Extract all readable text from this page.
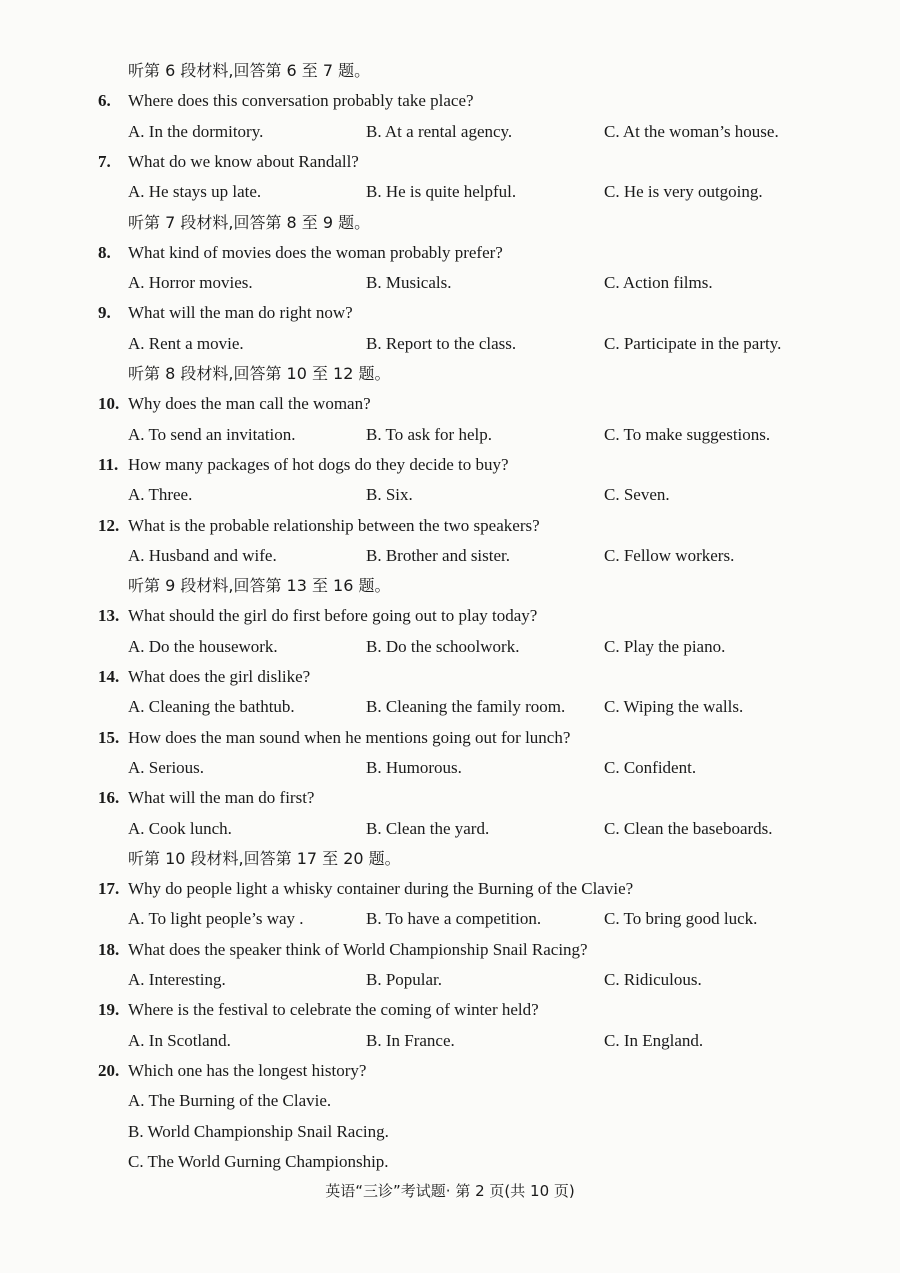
听第 6 段材料,回答第 6 至 7 题。
6. Where does this conversation probably take place?
A. In the dormitory.	B. At a rental agency.	C. At the woman’s house.
7. What do we know about Randall?
A. He stays up late.	B. He is quite helpful.	C. He is very outgoing.
听第 7 段材料,回答第 8 至 9 题。
8. What kind of movies does the woman probably prefer?
A. Horror movies.	B. Musicals.	C. Action films.
9. What will the man do right now?
A. Rent a movie.	B. Report to the class.	C. Participate in the party.
听第 8 段材料,回答第 10 至 12 题。
10. Why does the man call the woman?
A. To send an invitation.	B. To ask for help.	C. To make suggestions.
11. How many packages of hot dogs do they decide to buy?
A. Three.	B. Six.	C. Seven.
12. What is the probable relationship between the two speakers?
A. Husband and wife.	B. Brother and sister.	C. Fellow workers.
听第 9 段材料,回答第 13 至 16 题。
13. What should the girl do first before going out to play today?
A. Do the housework.	B. Do the schoolwork.	C. Play the piano.
14. What does the girl dislike?
A. Cleaning the bathtub.	B. Cleaning the family room. C. Wiping the walls.
15. How does the man sound when he mentions going out for lunch?
A. Serious.	B. Humorous.	C. Confident.
16. What will the man do first?
A. Cook lunch.	B. Clean the yard.	C. Clean the baseboards.
听第 10 段材料,回答第 17 至 20 题。
17. Why do people light a whisky container during the Burning of the Clavie?
A. To light people’s way .	B. To have a competition.	C. To bring good luck.
18. What does the speaker think of World Championship Snail Racing?
A. Interesting.	B. Popular.	C. Ridiculous.
19. Where is the festival to celebrate the coming of winter held?
A. In Scotland.	B. In France.	C. In England.
20. Which one has the longest history?
A. The Burning of the Clavie.
B. World Championship Snail Racing.
C. The World Gurning Championship.
英语“三诊”考试题· 第 2 页(共 10 页)
